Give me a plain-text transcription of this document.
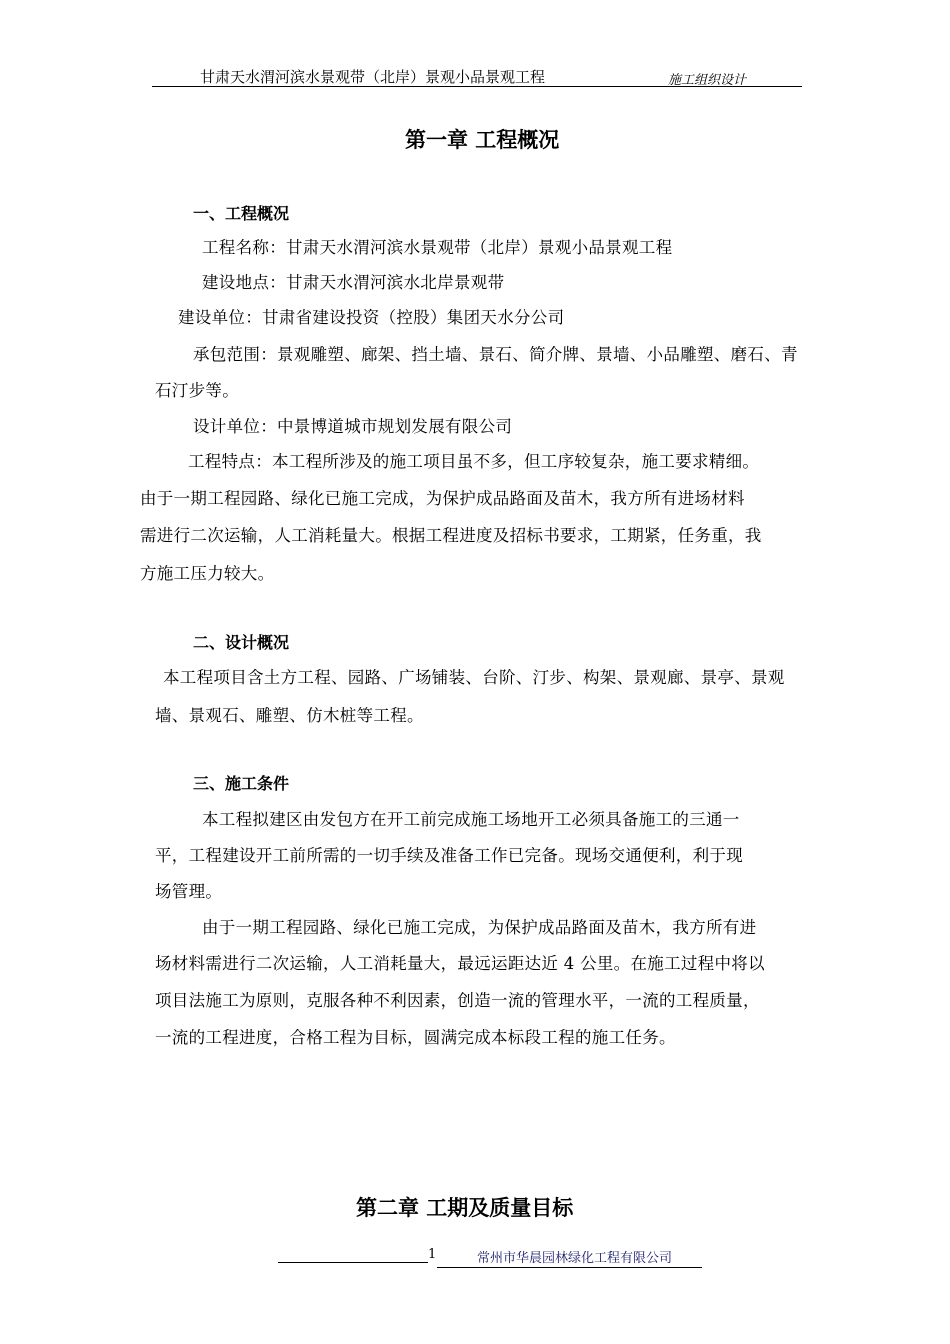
甘肃天水渭河滨水景观带（北岸）景观小品景观工程	施工组织设计
第一章 工程概况
一、工程概况
工程名称：甘肃天水渭河滨水景观带（北岸）景观小品景观工程
建设地点：甘肃天水渭河滨水北岸景观带
建设单位：甘肃省建设投资（控股）集团天水分公司
承包范围：景观雕塑、廊架、挡土墙、景石、简介牌、景墙、小品雕塑、磨石、青
石汀步等。
设计单位：中景博道城市规划发展有限公司
工程特点：本工程所涉及的施工项目虽不多，但工序较复杂，施工要求精细。
由于一期工程园路、绿化已施工完成，为保护成品路面及苗木，我方所有进场材料
需进行二次运输，人工消耗量大。根据工程进度及招标书要求，工期紧，任务重，我
方施工压力较大。
二、设计概况
本工程项目含土方工程、园路、广场铺装、台阶、汀步、构架、景观廊、景亭、景观
墙、景观石、雕塑、仿木桩等工程。
三、施工条件
本工程拟建区由发包方在开工前完成施工场地开工必须具备施工的三通一
平，工程建设开工前所需的一切手续及准备工作已完备。现场交通便利，利于现
场管理。
由于一期工程园路、绿化已施工完成，为保护成品路面及苗木，我方所有进
场材料需进行二次运输，人工消耗量大，最远运距达近 4 公里。在施工过程中将以
项目法施工为原则，克服各种不利因素，创造一流的管理水平，一流的工程质量，
一流的工程进度，合格工程为目标，圆满完成本标段工程的施工任务。
第二章 工期及质量目标
1	常州市华晨园林绿化工程有限公司
